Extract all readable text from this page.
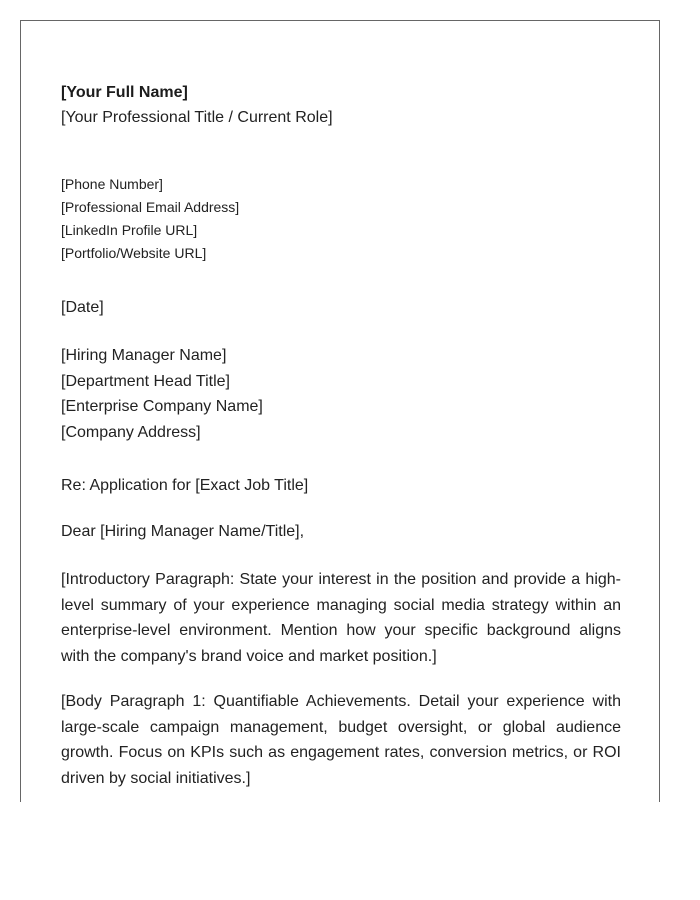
[Your Full Name]
[Your Professional Title / Current Role]
[Phone Number]
[Professional Email Address]
[LinkedIn Profile URL]
[Portfolio/Website URL]
[Date]
[Hiring Manager Name]
[Department Head Title]
[Enterprise Company Name]
[Company Address]
Re: Application for [Exact Job Title]
Dear [Hiring Manager Name/Title],
[Introductory Paragraph: State your interest in the position and provide a high-level summary of your experience managing social media strategy within an enterprise-level environment. Mention how your specific background aligns with the company's brand voice and market position.]
[Body Paragraph 1: Quantifiable Achievements. Detail your experience with large-scale campaign management, budget oversight, or global audience growth. Focus on KPIs such as engagement rates, conversion metrics, or ROI driven by social initiatives.]
